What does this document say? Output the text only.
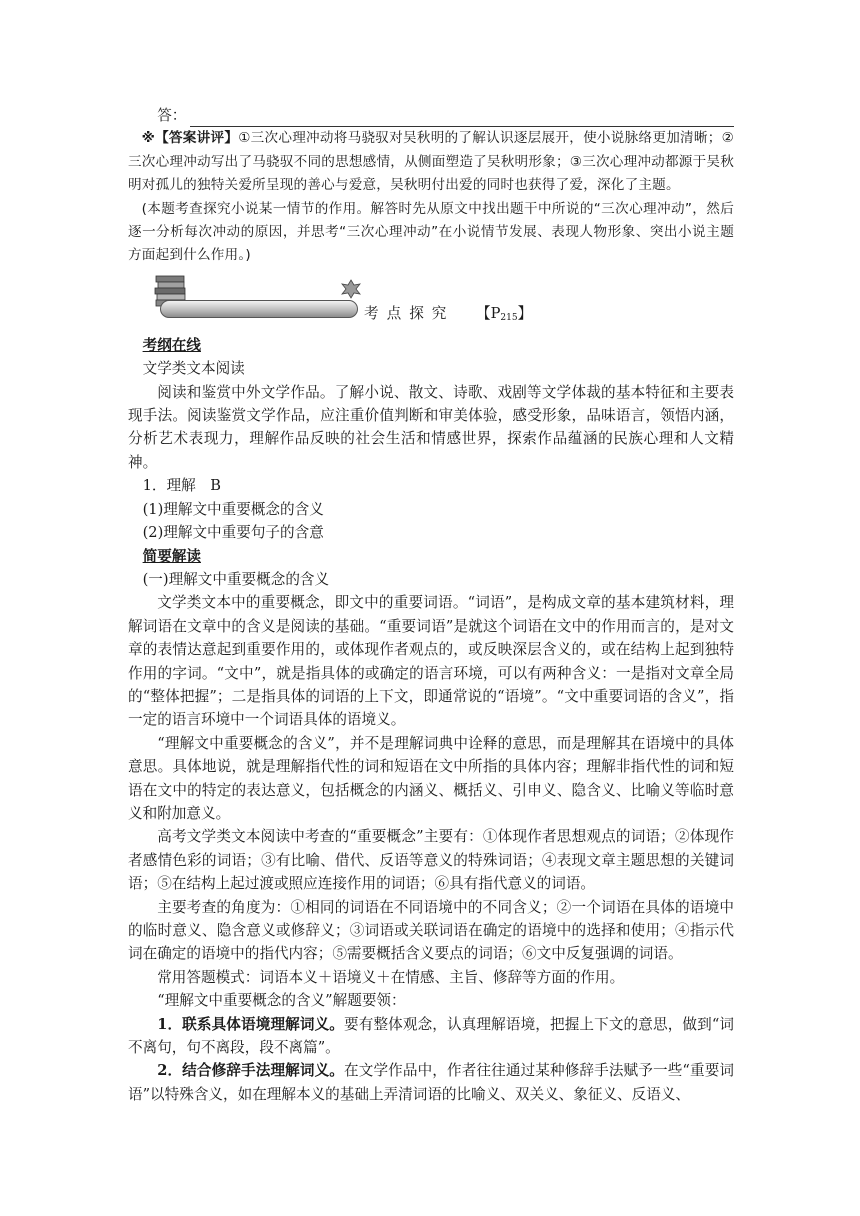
答：

※【答案讲评】①三次心理冲动将马骁驭对吴秋明的了解认识逐层展开，使小说脉络更加清晰；②三次心理冲动写出了马骁驭不同的思想感情，从侧面塑造了吴秋明形象；③三次心理冲动都源于吴秋明对孤儿的独特关爱所呈现的善心与爱意，吴秋明付出爱的同时也获得了爱，深化了主题。

(本题考查探究小说某一情节的作用。解答时先从原文中找出题干中所说的“三次心理冲动”，然后逐一分析每次冲动的原因，并思考“三次心理冲动”在小说情节发展、表现人物形象、突出小说主题方面起到什么作用。)

考点探究 【$P_{215}$】

考纲在线

文学类文本阅读

阅读和鉴赏中外文学作品。了解小说、散文、诗歌、戏剧等文学体裁的基本特征和主要表现手法。阅读鉴赏文学作品，应注重价值判断和审美体验，感受形象，品味语言，领悟内涵，分析艺术表现力，理解作品反映的社会生活和情感世界，探索作品蕴涵的民族心理和人文精神。

1．理解　B

(1)理解文中重要概念的含义

(2)理解文中重要句子的含意

简要解读

(一)理解文中重要概念的含义

文学类文本中的重要概念，即文中的重要词语。“词语”，是构成文章的基本建筑材料，理解词语在文章中的含义是阅读的基础。“重要词语”是就这个词语在文中的作用而言的，是对文章的表情达意起到重要作用的，或体现作者观点的，或反映深层含义的，或在结构上起到独特作用的字词。“文中”，就是指具体的或确定的语言环境，可以有两种含义：一是指对文章全局的“整体把握”；二是指具体的词语的上下文，即通常说的“语境”。“文中重要词语的含义”，指一定的语言环境中一个词语具体的语境义。

“理解文中重要概念的含义”，并不是理解词典中诠释的意思，而是理解其在语境中的具体意思。具体地说，就是理解指代性的词和短语在文中所指的具体内容；理解非指代性的词和短语在文中的特定的表达意义，包括概念的内涵义、概括义、引申义、隐含义、比喻义等临时意义和附加意义。

高考文学类文本阅读中考查的“重要概念”主要有：①体现作者思想观点的词语；②体现作者感情色彩的词语；③有比喻、借代、反语等意义的特殊词语；④表现文章主题思想的关键词语；⑤在结构上起过渡或照应连接作用的词语；⑥具有指代意义的词语。

主要考查的角度为：①相同的词语在不同语境中的不同含义；②一个词语在具体的语境中的临时意义、隐含意义或修辞义；③词语或关联词语在确定的语境中的选择和使用；④指示代词在确定的语境中的指代内容；⑤需要概括含义要点的词语；⑥文中反复强调的词语。

常用答题模式：词语本义＋语境义＋在情感、主旨、修辞等方面的作用。

“理解文中重要概念的含义”解题要领：

1．联系具体语境理解词义。要有整体观念，认真理解语境，把握上下文的意思，做到“词不离句，句不离段，段不离篇”。

2．结合修辞手法理解词义。在文学作品中，作者往往通过某种修辞手法赋予一些“重要词语”以特殊含义，如在理解本义的基础上弄清词语的比喻义、双关义、象征义、反语义、
